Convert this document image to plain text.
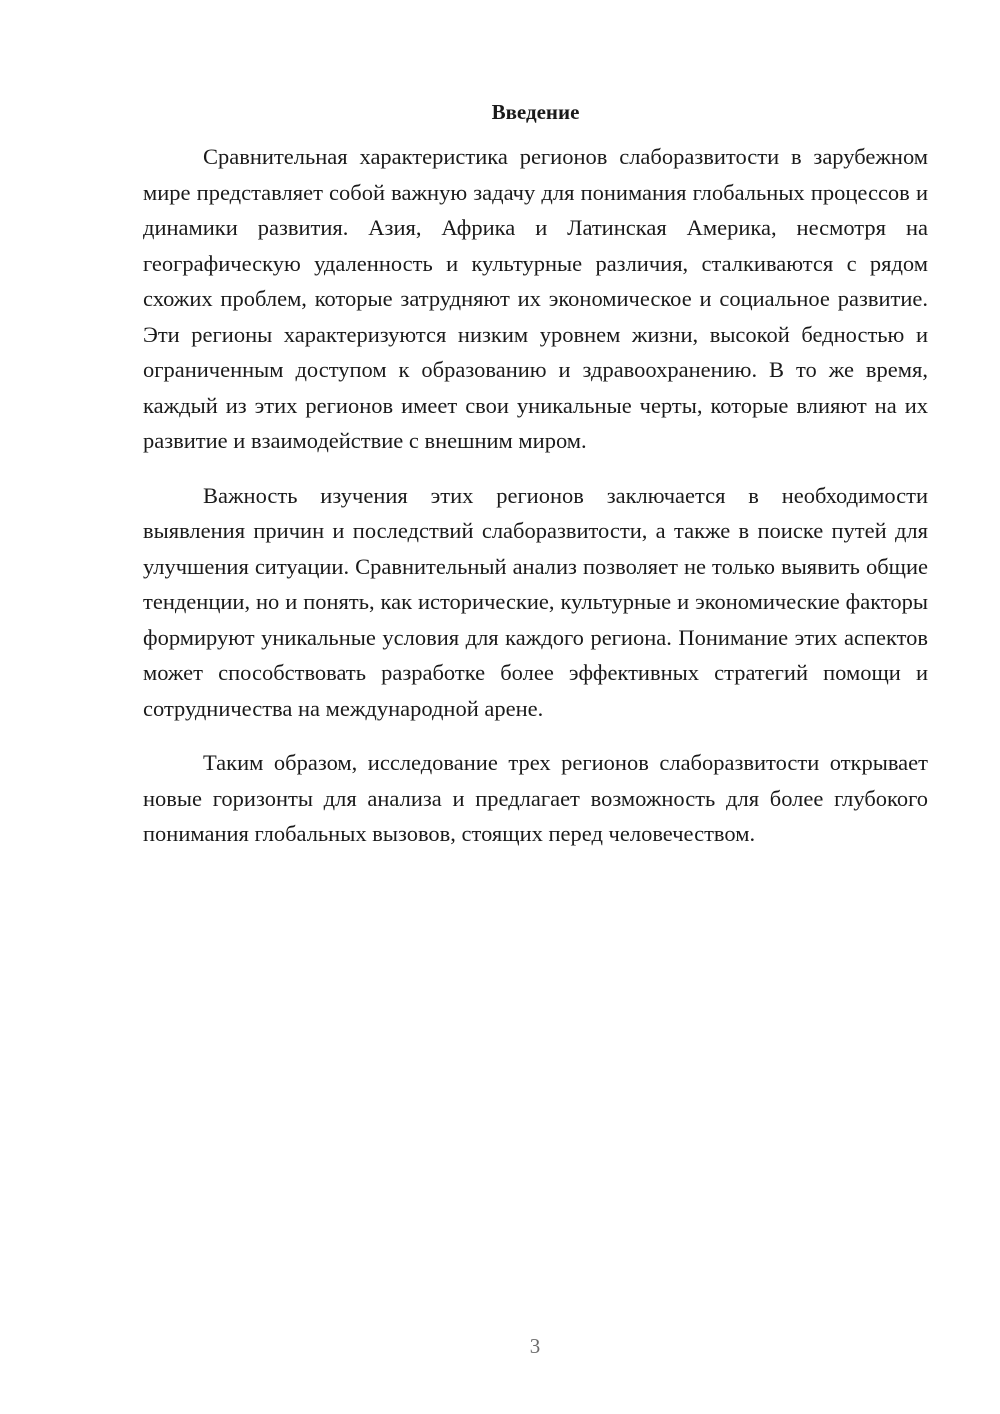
Введение

Сравнительная характеристика регионов слаборазвитости в зарубежном мире представляет собой важную задачу для понимания глобальных процессов и динамики развития. Азия, Африка и Латинская Америка, несмотря на географическую удаленность и культурные различия, сталкиваются с рядом схожих проблем, которые затрудняют их экономическое и социальное развитие. Эти регионы характеризуются низким уровнем жизни, высокой бедностью и ограниченным доступом к образованию и здравоохранению. В то же время, каждый из этих регионов имеет свои уникальные черты, которые влияют на их развитие и взаимодействие с внешним миром.

Важность изучения этих регионов заключается в необходимости выявления причин и последствий слаборазвитости, а также в поиске путей для улучшения ситуации. Сравнительный анализ позволяет не только выявить общие тенденции, но и понять, как исторические, культурные и экономические факторы формируют уникальные условия для каждого региона. Понимание этих аспектов может способствовать разработке более эффективных стратегий помощи и сотрудничества на международной арене.

Таким образом, исследование трех регионов слаборазвитости открывает новые горизонты для анализа и предлагает возможность для более глубокого понимания глобальных вызовов, стоящих перед человечеством.

3
